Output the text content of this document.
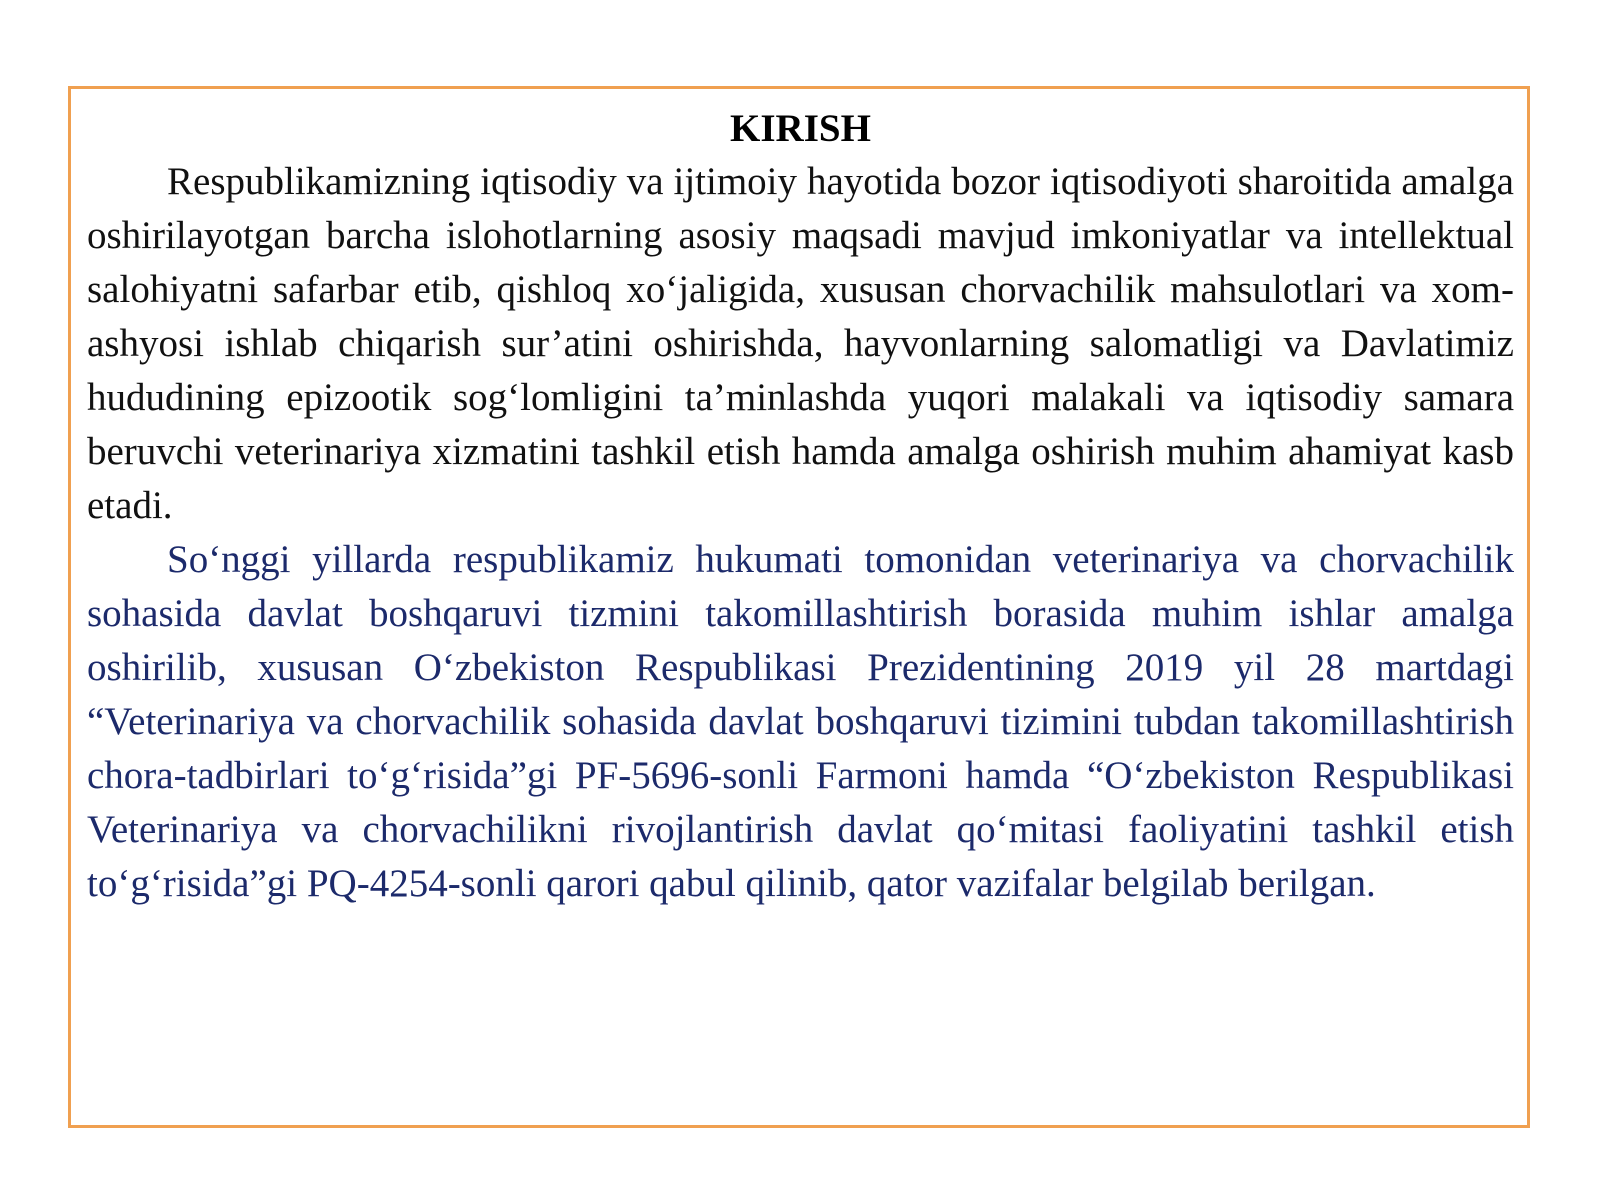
KIRISH

Respublikamizning iqtisodiy va ijtimoiy hayotida bozor iqtisodiyoti sharoitida amalga oshirilayotgan barcha islohotlarning asosiy maqsadi mavjud imkoniyatlar va intellektual salohiyatni safarbar etib, qishloq xo‘jaligida, xususan chorvachilik mahsulotlari va xom-ashyosi ishlab chiqarish sur’atini oshirishda, hayvonlarning salomatligi va Davlatimiz hududining epizootik sog‘lomligini ta’minlashda yuqori malakali va iqtisodiy samara beruvchi veterinariya xizmatini tashkil etish hamda amalga oshirish muhim ahamiyat kasb etadi.

So‘nggi yillarda respublikamiz hukumati tomonidan veterinariya va chorvachilik sohasida davlat boshqaruvi tizmini takomillashtirish borasida muhim ishlar amalga oshirilib, xususan O‘zbekiston Respublikasi Prezidentining 2019 yil 28 martdagi “Veterinariya va chorvachilik sohasida davlat boshqaruvi tizimini tubdan takomillashtirish chora-tadbirlari to‘g‘risida”gi PF-5696-sonli Farmoni hamda “O‘zbekiston Respublikasi Veterinariya va chorvachilikni rivojlantirish davlat qo‘mitasi faoliyatini tashkil etish to‘g‘risida”gi PQ-4254-sonli qarori qabul qilinib, qator vazifalar belgilab berilgan.
